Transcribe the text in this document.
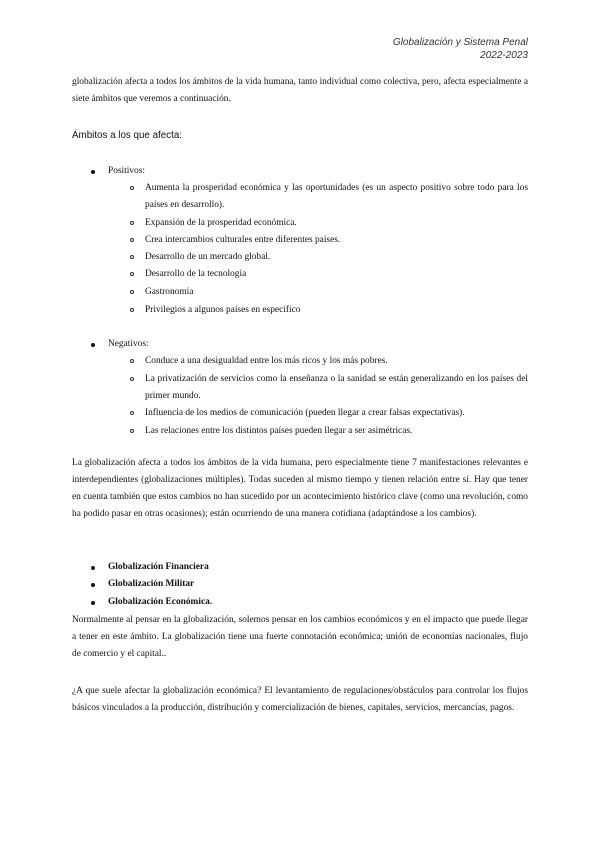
Globalización y Sistema Penal
2022-2023

globalización afecta a todos los ámbitos de la vida humana, tanto individual como colectiva, pero, afecta especialmente a siete ámbitos que veremos a continuación.

Ámbitos a los que afecta:

Positivos:

Aumenta la prosperidad económica y las oportunidades (es un aspecto positivo sobre todo para los países en desarrollo).

Expansión de la prosperidad económica.

Crea intercambios culturales entre diferentes países.

Desarrollo de un mercado global.

Desarrollo de la tecnología

Gastronomía

Privilegios a algunos países en específico

Negativos:

Conduce a una desigualdad entre los más ricos y los más pobres.

La privatización de servicios como la enseñanza o la sanidad se están generalizando en los países del primer mundo.

Influencia de los medios de comunicación (pueden llegar a crear falsas expectativas).

Las relaciones entre los distintos países pueden llegar a ser asimétricas.

La globalización afecta a todos los ámbitos de la vida humana, pero especialmente tiene 7 manifestaciones relevantes e interdependientes (globalizaciones múltiples). Todas suceden al mismo tiempo y tienen relación entre sí. Hay que tener en cuenta también que estos cambios no han sucedido por un acontecimiento histórico clave (como una revolución, como ha podido pasar en otras ocasiones); están ocurriendo de una manera cotidiana (adaptándose a los cambios).

Globalización Financiera
Globalización Militar
Globalización Económica.

Normalmente al pensar en la globalización, solemos pensar en los cambios económicos y en el impacto que puede llegar a tener en este ámbito. La globalización tiene una fuerte connotación económica; unión de economías nacionales, flujo de comercio y el capital..

¿A que suele afectar la globalización económica? El levantamiento de regulaciones/obstáculos para controlar los flujos básicos vinculados a la producción, distribución y comercialización de bienes, capitales, servicios, mercancías, pagos.
